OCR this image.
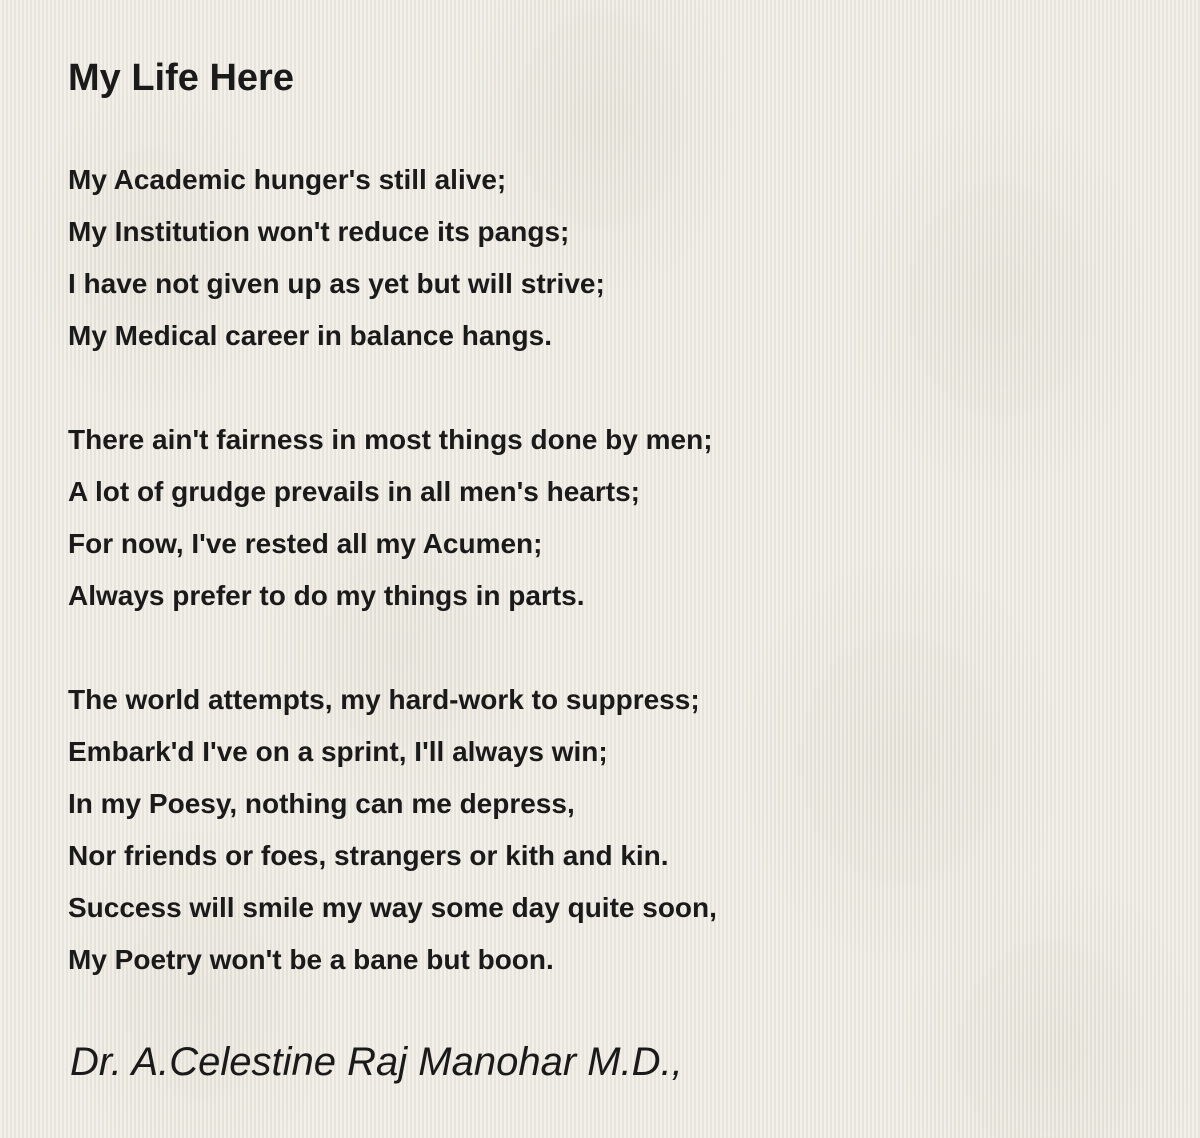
My Life Here
My Academic hunger's still alive;
My Institution won't reduce its pangs;
I have not given up as yet but will strive;
My Medical career in balance hangs.
There ain't fairness in most things done by men;
A lot of grudge prevails in all men's hearts;
For now, I've rested all my Acumen;
Always prefer to do my things in parts.
The world attempts, my hard-work to suppress;
Embark'd I've on a sprint, I'll always win;
In my Poesy, nothing can me depress,
Nor friends or foes, strangers or kith and kin.
Success will smile my way some day quite soon,
My Poetry won't be a bane but boon.

Dr. A.Celestine Raj Manohar M.D.,
